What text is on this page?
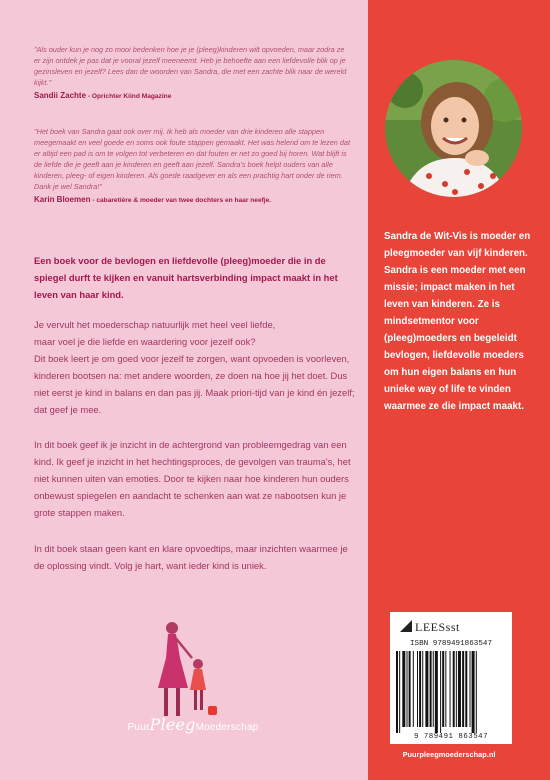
"Als ouder kun je nog zo mooi bedenken hoe je je (pleeg)kinderen wilt opvoeden, maar zodra ze er zijn ontdek je pas dat je vooral jezelf meeneemt. Heb je behoefte aan een liefdevolle blik op je gezinsleven en jezelf? Lees dan de woorden van Sandra, die met een zachte blik naar de wereld kijkt."
Sandii Zachte - Oprichter Kiind Magazine
"Het boek van Sandra gaat ook over mij. Ik heb als moeder van drie kinderen alle stappen meegemaakt en veel goede en soms ook foute stappen gemaakt. Het was helend om te lezen dat er altijd een pad is om te volgen tot verbeteren en dat fouten er net zo goed bij horen. Wat blijft is de liefde die je geeft aan je kinderen en geeft aan jezelf. Sandra's boek helpt ouders van alle kinderen, pleeg- of eigen kinderen. Als goede raadgever en als een prachtig hart onder de riem. Dank je wel Sandra!"
Karin Bloemen - cabaretière & moeder van twee dochters en haar neefje.
Een boek voor de bevlogen en liefdevolle (pleeg)moeder die in de spiegel durft te kijken en vanuit hartsverbinding impact maakt in het leven van haar kind.

Je vervult het moederschap natuurlijk met heel veel liefde,

maar voel je die liefde en waardering voor jezelf ook?

Dit boek leert je om goed voor jezelf te zorgen, want opvoeden is voorleven, kinderen bootsen na: met andere woorden, ze doen na hoe jij het doet. Dus niet eerst je kind in balans en dan pas jij. Maak priori-tijd van je kind én jezelf; dat geef je mee.

In dit boek geef ik je inzicht in de achtergrond van probleemgedrag van een kind. Ik geef je inzicht in het hechtingsproces, de gevolgen van trauma's, het niet kunnen uiten van emoties. Door te kijken naar hoe kinderen hun ouders onbewust spiegelen en aandacht te schenken aan wat ze nabootsen kun je grote stappen maken.
In dit boek staan geen kant en klare opvoedtips, maar inzichten waarmee je de oplossing vindt. Volg je hart, want ieder kind is uniek.
PuurPleegMoederschap
Sandra de Wit-Vis is moeder en pleegmoeder van vijf kinderen. Sandra is een moeder met een missie; impact maken in het leven van kinderen. Ze is mindsetmentor voor (pleeg)moeders en begeleidt bevlogen, liefdevolle moeders om hun eigen balans en hun unieke way of life te vinden waarmee ze die impact maakt.
LEESsst
ISBN 9789491863547
9 789491 863547
Puurpleegmoederschap.nl
